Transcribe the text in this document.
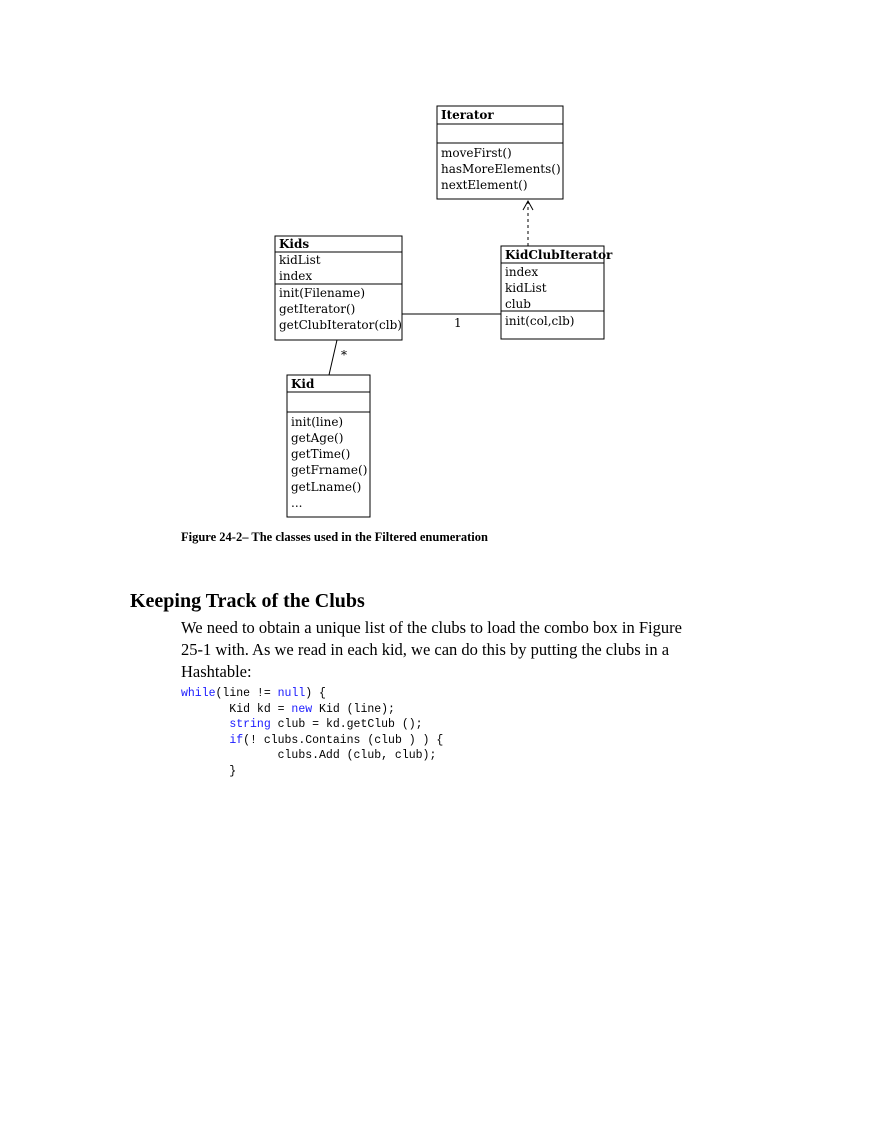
Iterator
moveFirst()
hasMoreElements()
nextElement()
Kids
kidList
index
init(Filename)
getIterator()
getClubIterator(clb)
KidClubIterator
index
kidList
club
init(col,clb)
Kid
init(line)
getAge()
getTime()
getFrname()
getLname()
...
1
*
Figure 24-2– The classes used in the Filtered enumeration
Keeping Track of the Clubs
We need to obtain a unique list of the clubs to load the combo box in Figure 25-1 with. As we read in each kid, we can do this by putting the clubs in a Hashtable:
while(line != null) {
Kid kd = new Kid (line);
string club = kd.getClub ();
if(! clubs.Contains (club ) ) {
clubs.Add (club, club);
}
